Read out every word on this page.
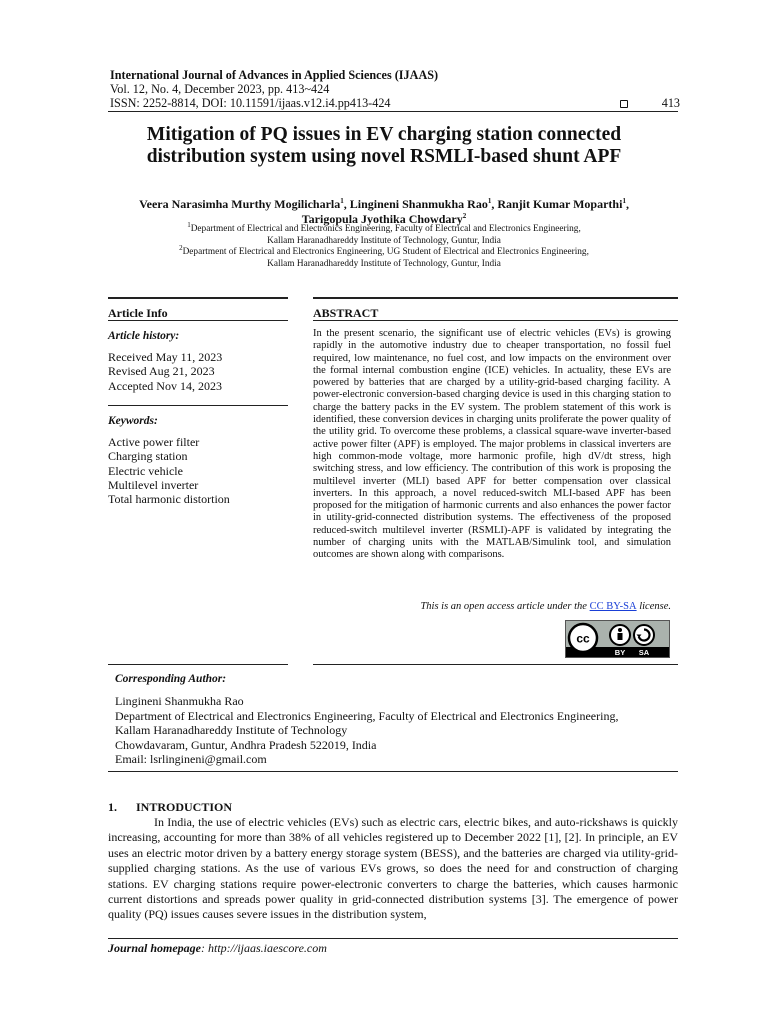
International Journal of Advances in Applied Sciences (IJAAS)
Vol. 12, No. 4, December 2023, pp. 413~424
ISSN: 2252-8814, DOI: 10.11591/ijaas.v12.i4.pp413-424	413
Mitigation of PQ issues in EV charging station connected
distribution system using novel RSMLI-based shunt APF
Veera Narasimha Murthy Mogilicharla$^1$, Lingineni Shanmukha Rao$^1$, Ranjit Kumar Moparthi$^1$,
Tarigopula Jyothika Chowdary$^2$
$^1$Department of Electrical and Electronics Engineering, Faculty of Electrical and Electronics Engineering,
Kallam Haranadhareddy Institute of Technology, Guntur, India
$^2$Department of Electrical and Electronics Engineering, UG Student of Electrical and Electronics Engineering,
Kallam Haranadhareddy Institute of Technology, Guntur, India
Article Info
Article history:
Received May 11, 2023
Revised Aug 21, 2023
Accepted Nov 14, 2023
Keywords:
Active power filter
Charging station
Electric vehicle
Multilevel inverter
Total harmonic distortion
ABSTRACT
In the present scenario, the significant use of electric vehicles (EVs) is growing rapidly in the automotive industry due to cheaper transportation, no fossil fuel required, low maintenance, no fuel cost, and low impacts on the environment over the formal internal combustion engine (ICE) vehicles. In actuality, these EVs are powered by batteries that are charged by a utility-grid-based charging facility. A power-electronic conversion-based charging device is used in this charging station to charge the battery packs in the EV system. The problem statement of this work is identified, these conversion devices in charging units proliferate the power quality of the utility grid. To overcome these problems, a classical square-wave inverter-based active power filter (APF) is employed. The major problems in classical inverters are high common-mode voltage, more harmonic profile, high dV/dt stress, high switching stress, and low efficiency. The contribution of this work is proposing the multilevel inverter (MLI) based APF for better compensation over classical inverters. In this approach, a novel reduced-switch MLI-based APF has been proposed for the mitigation of harmonic currents and also enhances the power factor in utility-grid-connected distribution systems. The effectiveness of the proposed reduced-switch multilevel inverter (RSMLI)-APF is validated by integrating the number of charging units with the MATLAB/Simulink tool, and simulation outcomes are shown along with comparisons.
This is an open access article under the CC BY-SA license.
cc
BY SA
Corresponding Author:
Lingineni Shanmukha Rao
Department of Electrical and Electronics Engineering, Faculty of Electrical and Electronics Engineering,
Kallam Haranadhareddy Institute of Technology
Chowdavaram, Guntur, Andhra Pradesh 522019, India
Email: lsrlingineni@gmail.com
1. INTRODUCTION
In India, the use of electric vehicles (EVs) such as electric cars, electric bikes, and auto-rickshaws is quickly increasing, accounting for more than 38% of all vehicles registered up to December 2022 [1], [2]. In principle, an EV uses an electric motor driven by a battery energy storage system (BESS), and the batteries are charged via utility-grid-supplied charging stations. As the use of various EVs grows, so does the need for and construction of charging stations. EV charging stations require power-electronic converters to charge the batteries, which causes harmonic current distortions and spreads power quality in grid-connected distribution systems [3]. The emergence of power quality (PQ) issues causes severe issues in the distribution system,
Journal homepage: http://ijaas.iaescore.com
